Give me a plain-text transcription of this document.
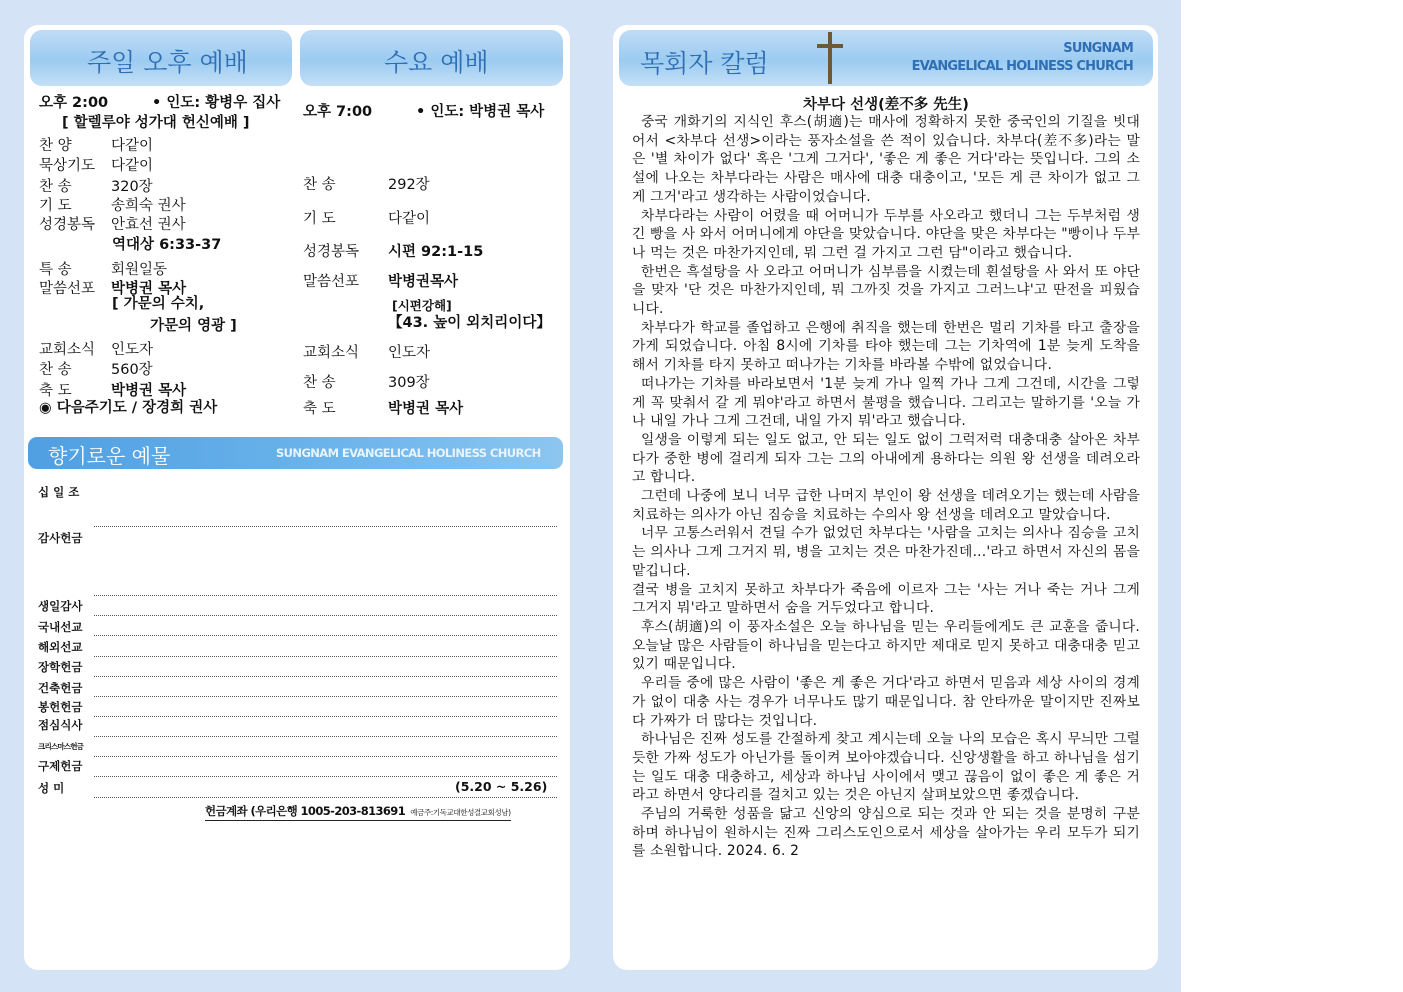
주일 오후 예배	수요 예배
오후 2:00	• 인도: 황병우 집사
[ 할렐루야 성가대 헌신예배 ]
찬 양	다같이
묵상기도 다같이
찬 송	320장
기 도	송희숙 권사
성경봉독 안효선 권사
역대상 6:33-37
특 송	회원일동
말씀선포 박병권 목사
[ 가문의 수치,
가문의 영광 ]
교회소식 인도자
찬 송	560장
축 도	박병권 목사
◉ 다음주기도 / 장경희 권사
오후 7:00	• 인도: 박병권 목사
찬 송	292장
기 도	다같이
성경봉독 시편 92:1-15
말씀선포 박병권목사
[시편강해]
【43. 높이 외치리이다】
교회소식 인도자
찬 송	309장
축 도	박병권 목사
향기로운 예물	SUNGNAM EVANGELICAL HOLINESS CHURCH
십 일 조
감사헌금
생일감사
국내선교
해외선교
장학헌금
건축헌금
봉헌헌금
점심식사
크리스마스헌금
구제헌금
성 미	(5.20 ~ 5.26)
헌금계좌 (우리은행 1005-203-813691 예금주:기독교대한성결교회성남)
목회자 칼럼
SUNGNAM
EVANGELICAL HOLINESS CHURCH
차부다 선생(差不多 先生)

중국 개화기의 지식인 후스(胡適)는 매사에 정확하지 못한 중국인의 기질을 빗대어서 <차부다 선생>이라는 풍자소설을 쓴 적이 있습니다. 차부다(差不多)라는 말은 '별 차이가 없다' 혹은 '그게 그거다', '좋은 게 좋은 거다'라는 뜻입니다. 그의 소설에 나오는 차부다라는 사람은 매사에 대충 대충이고, '모든 게 큰 차이가 없고 그게 그거'라고 생각하는 사람이었습니다.

차부다라는 사람이 어렸을 때 어머니가 두부를 사오라고 했더니 그는 두부처럼 생긴 빵을 사 와서 어머니에게 야단을 맞았습니다. 야단을 맞은 차부다는 "빵이나 두부나 먹는 것은 마찬가지인데, 뭐 그런 걸 가지고 그런 담"이라고 했습니다.

한번은 흑설탕을 사 오라고 어머니가 심부름을 시켰는데 흰설탕을 사 와서 또 야단을 맞자 '단 것은 마찬가지인데, 뭐 그까짓 것을 가지고 그러느냐'고 딴전을 피웠습니다.

차부다가 학교를 졸업하고 은행에 취직을 했는데 한번은 멀리 기차를 타고 출장을 가게 되었습니다. 아침 8시에 기차를 타야 했는데 그는 기차역에 1분 늦게 도착을 해서 기차를 타지 못하고 떠나가는 기차를 바라볼 수밖에 없었습니다.

떠나가는 기차를 바라보면서 '1분 늦게 가나 일찍 가나 그게 그건데, 시간을 그렇게 꼭 맞춰서 갈 게 뭐야'라고 하면서 불평을 했습니다. 그리고는 말하기를 '오늘 가나 내일 가나 그게 그건데, 내일 가지 뭐'라고 했습니다.

일생을 이렇게 되는 일도 없고, 안 되는 일도 없이 그럭저럭 대충대충 살아온 차부다가 중한 병에 걸리게 되자 그는 그의 아내에게 용하다는 의원 왕 선생을 데려오라고 합니다.

그런데 나중에 보니 너무 급한 나머지 부인이 왕 선생을 데려오기는 했는데 사람을 치료하는 의사가 아닌 짐승을 치료하는 수의사 왕 선생을 데려오고 말았습니다.

너무 고통스러워서 견딜 수가 없었던 차부다는 '사람을 고치는 의사나 짐승을 고치는 의사나 그게 그거지 뭐, 병을 고치는 것은 마찬가진데...'라고 하면서 자신의 몸을 맡깁니다.

결국 병을 고치지 못하고 차부다가 죽음에 이르자 그는 '사는 거나 죽는 거나 그게 그거지 뭐'라고 말하면서 숨을 거두었다고 합니다.

후스(胡適)의 이 풍자소설은 오늘 하나님을 믿는 우리들에게도 큰 교훈을 줍니다. 오늘날 많은 사람들이 하나님을 믿는다고 하지만 제대로 믿지 못하고 대충대충 믿고 있기 때문입니다.

우리들 중에 많은 사람이 '좋은 게 좋은 거다'라고 하면서 믿음과 세상 사이의 경계가 없이 대충 사는 경우가 너무나도 많기 때문입니다. 참 안타까운 말이지만 진짜보다 가짜가 더 많다는 것입니다.

하나님은 진짜 성도를 간절하게 찾고 계시는데 오늘 나의 모습은 혹시 무늬만 그럴듯한 가짜 성도가 아닌가를 돌이켜 보아야겠습니다. 신앙생활을 하고 하나님을 섬기는 일도 대충 대충하고, 세상과 하나님 사이에서 맺고 끊음이 없이 좋은 게 좋은 거라고 하면서 양다리를 걸치고 있는 것은 아닌지 살펴보았으면 좋겠습니다.

주님의 거룩한 성품을 닮고 신앙의 양심으로 되는 것과 안 되는 것을 분명히 구분하며 하나님이 원하시는 진짜 그리스도인으로서 세상을 살아가는 우리 모두가 되기를 소원합니다. 2024. 6. 2
